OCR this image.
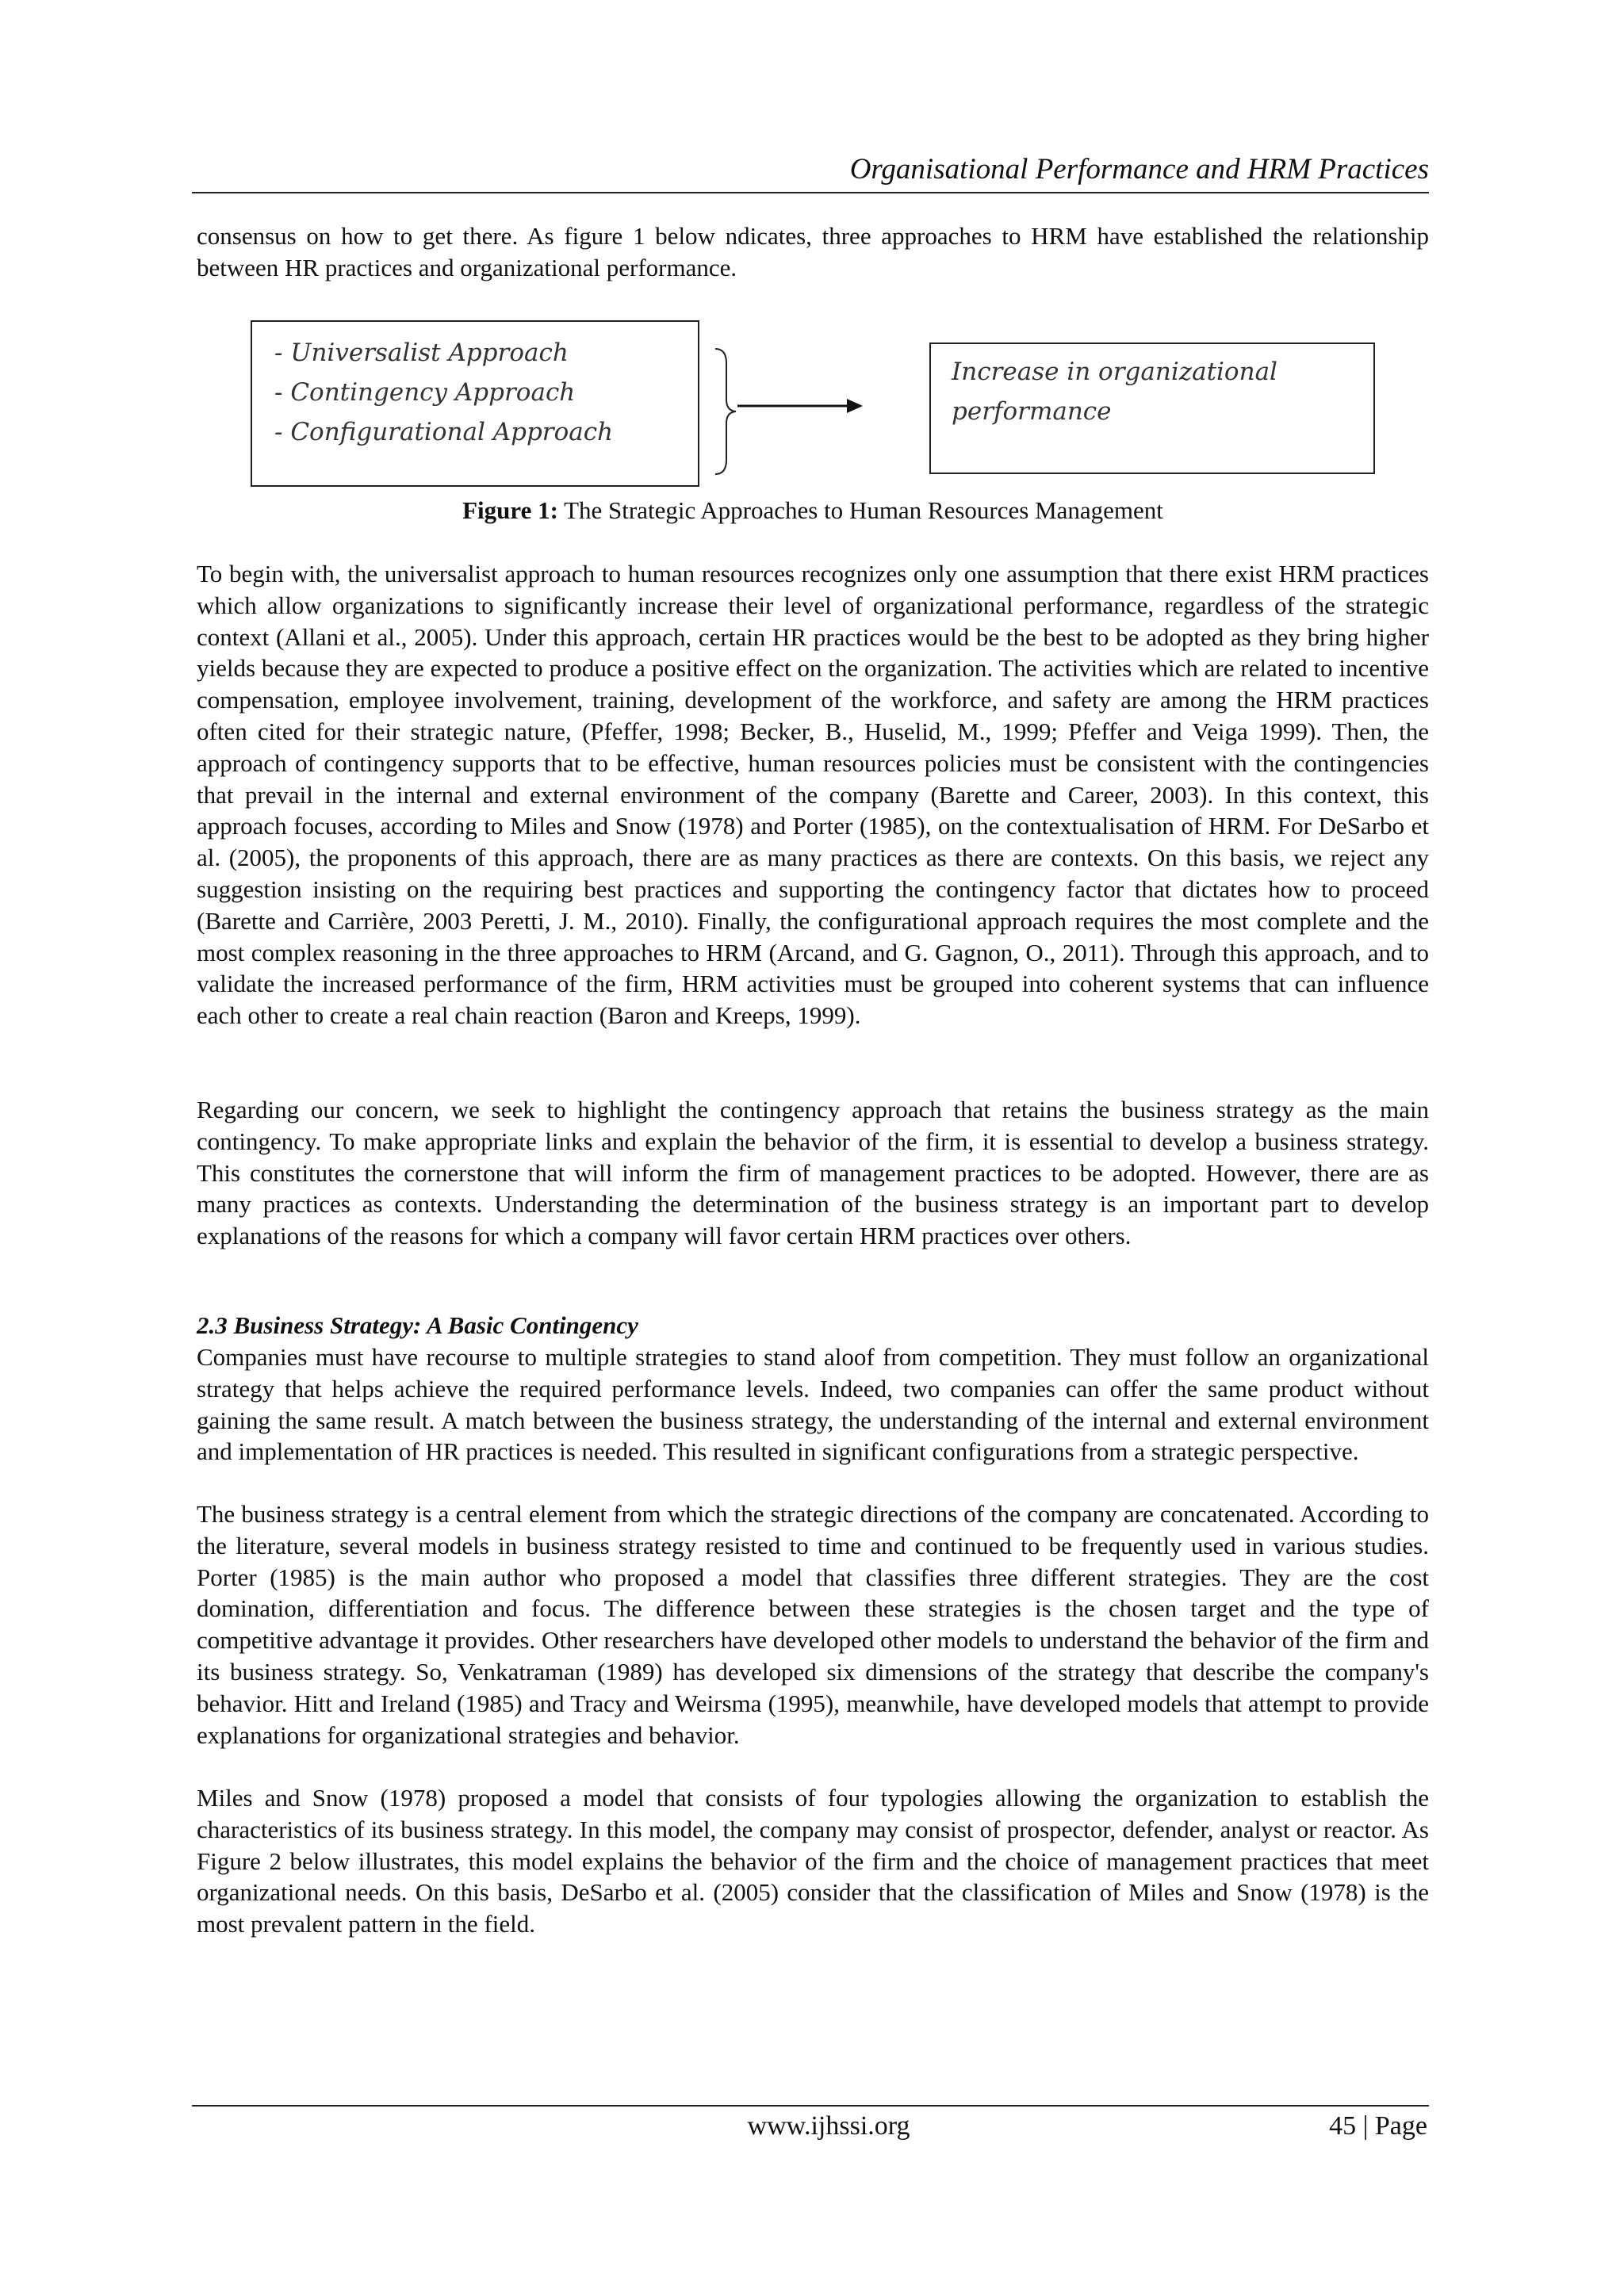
Organisational Performance and HRM Practices

consensus on how to get there. As figure 1 below ndicates, three approaches to HRM have established the relationship between HR practices and organizational performance.

- Universalist Approach
- Contingency Approach
- Configurational Approach
Increase in organizational performance
Figure 1: The Strategic Approaches to Human Resources Management

To begin with, the universalist approach to human resources recognizes only one assumption that there exist HRM practices which allow organizations to significantly increase their level of organizational performance, regardless of the strategic context (Allani et al., 2005). Under this approach, certain HR practices would be the best to be adopted as they bring higher yields because they are expected to produce a positive effect on the organization. The activities which are related to incentive compensation, employee involvement, training, development of the workforce, and safety are among the HRM practices often cited for their strategic nature, (Pfeffer, 1998; Becker, B., Huselid, M., 1999; Pfeffer and Veiga 1999). Then, the approach of contingency supports that to be effective, human resources policies must be consistent with the contingencies that prevail in the internal and external environment of the company (Barette and Career, 2003). In this context, this approach focuses, according to Miles and Snow (1978) and Porter (1985), on the contextualisation of HRM. For DeSarbo et al. (2005), the proponents of this approach, there are as many practices as there are contexts. On this basis, we reject any suggestion insisting on the requiring best practices and supporting the contingency factor that dictates how to proceed (Barette and Carrière, 2003 Peretti, J. M., 2010). Finally, the configurational approach requires the most complete and the most complex reasoning in the three approaches to HRM (Arcand, and G. Gagnon, O., 2011). Through this approach, and to validate the increased performance of the firm, HRM activities must be grouped into coherent systems that can influence each other to create a real chain reaction (Baron and Kreeps, 1999).

Regarding our concern, we seek to highlight the contingency approach that retains the business strategy as the main contingency. To make appropriate links and explain the behavior of the firm, it is essential to develop a business strategy. This constitutes the cornerstone that will inform the firm of management practices to be adopted. However, there are as many practices as contexts. Understanding the determination of the business strategy is an important part to develop explanations of the reasons for which a company will favor certain HRM practices over others.

2.3 Business Strategy: A Basic Contingency

Companies must have recourse to multiple strategies to stand aloof from competition. They must follow an organizational strategy that helps achieve the required performance levels. Indeed, two companies can offer the same product without gaining the same result. A match between the business strategy, the understanding of the internal and external environment and implementation of HR practices is needed. This resulted in significant configurations from a strategic perspective.

The business strategy is a central element from which the strategic directions of the company are concatenated. According to the literature, several models in business strategy resisted to time and continued to be frequently used in various studies. Porter (1985) is the main author who proposed a model that classifies three different strategies. They are the cost domination, differentiation and focus. The difference between these strategies is the chosen target and the type of competitive advantage it provides. Other researchers have developed other models to understand the behavior of the firm and its business strategy. So, Venkatraman (1989) has developed six dimensions of the strategy that describe the company's behavior. Hitt and Ireland (1985) and Tracy and Weirsma (1995), meanwhile, have developed models that attempt to provide explanations for organizational strategies and behavior.

Miles and Snow (1978) proposed a model that consists of four typologies allowing the organization to establish the characteristics of its business strategy. In this model, the company may consist of prospector, defender, analyst or reactor. As Figure 2 below illustrates, this model explains the behavior of the firm and the choice of management practices that meet organizational needs. On this basis, DeSarbo et al. (2005) consider that the classification of Miles and Snow (1978) is the most prevalent pattern in the field.

www.ijhssi.org	45 | Page
